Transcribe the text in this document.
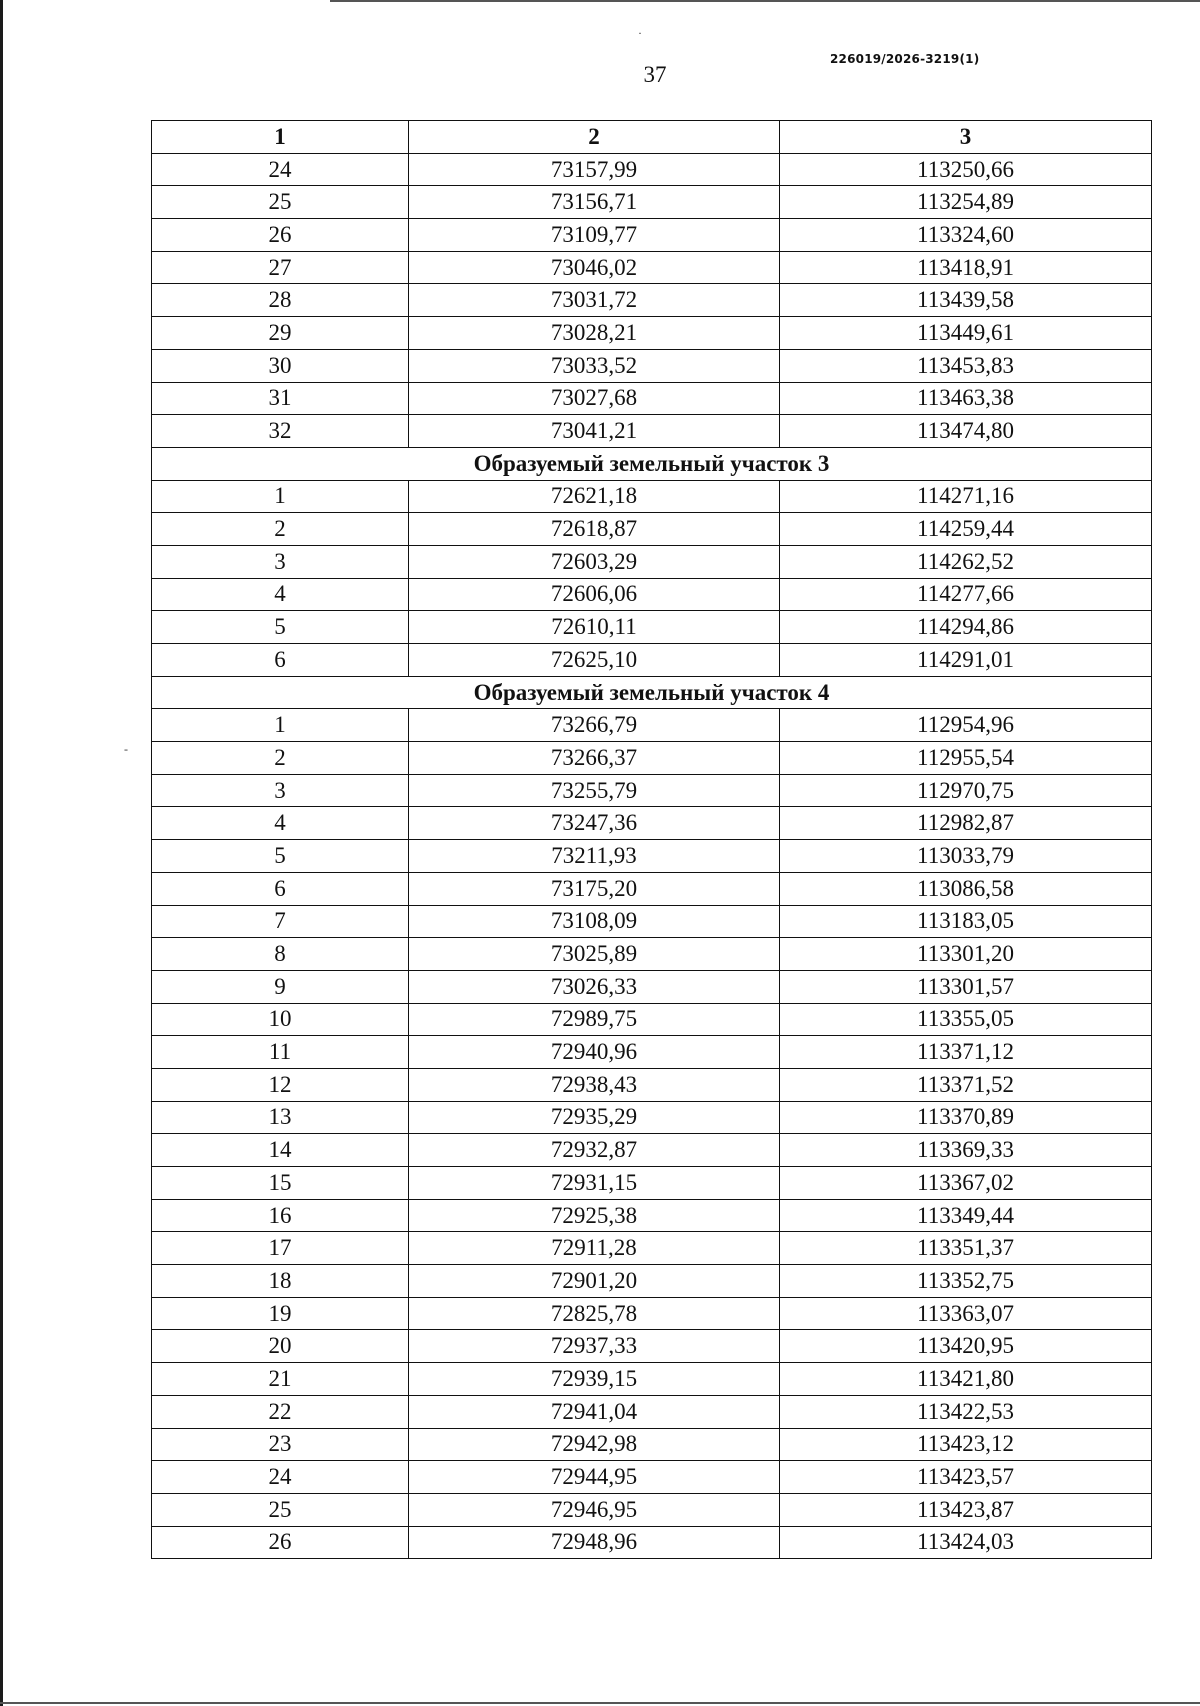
·
-
37
226019/2026-3219(1)
1	2	3
24	73157,99	113250,66
25	73156,71	113254,89
26	73109,77	113324,60
27	73046,02	113418,91
28	73031,72	113439,58
29	73028,21	113449,61
30	73033,52	113453,83
31	73027,68	113463,38
32	73041,21	113474,80
Образуемый земельный участок 3		
1	72621,18	114271,16
2	72618,87	114259,44
3	72603,29	114262,52
4	72606,06	114277,66
5	72610,11	114294,86
6	72625,10	114291,01
Образуемый земельный участок 4		
1	73266,79	112954,96
2	73266,37	112955,54
3	73255,79	112970,75
4	73247,36	112982,87
5	73211,93	113033,79
6	73175,20	113086,58
7	73108,09	113183,05
8	73025,89	113301,20
9	73026,33	113301,57
10	72989,75	113355,05
11	72940,96	113371,12
12	72938,43	113371,52
13	72935,29	113370,89
14	72932,87	113369,33
15	72931,15	113367,02
16	72925,38	113349,44
17	72911,28	113351,37
18	72901,20	113352,75
19	72825,78	113363,07
20	72937,33	113420,95
21	72939,15	113421,80
22	72941,04	113422,53
23	72942,98	113423,12
24	72944,95	113423,57
25	72946,95	113423,87
26	72948,96	113424,03
